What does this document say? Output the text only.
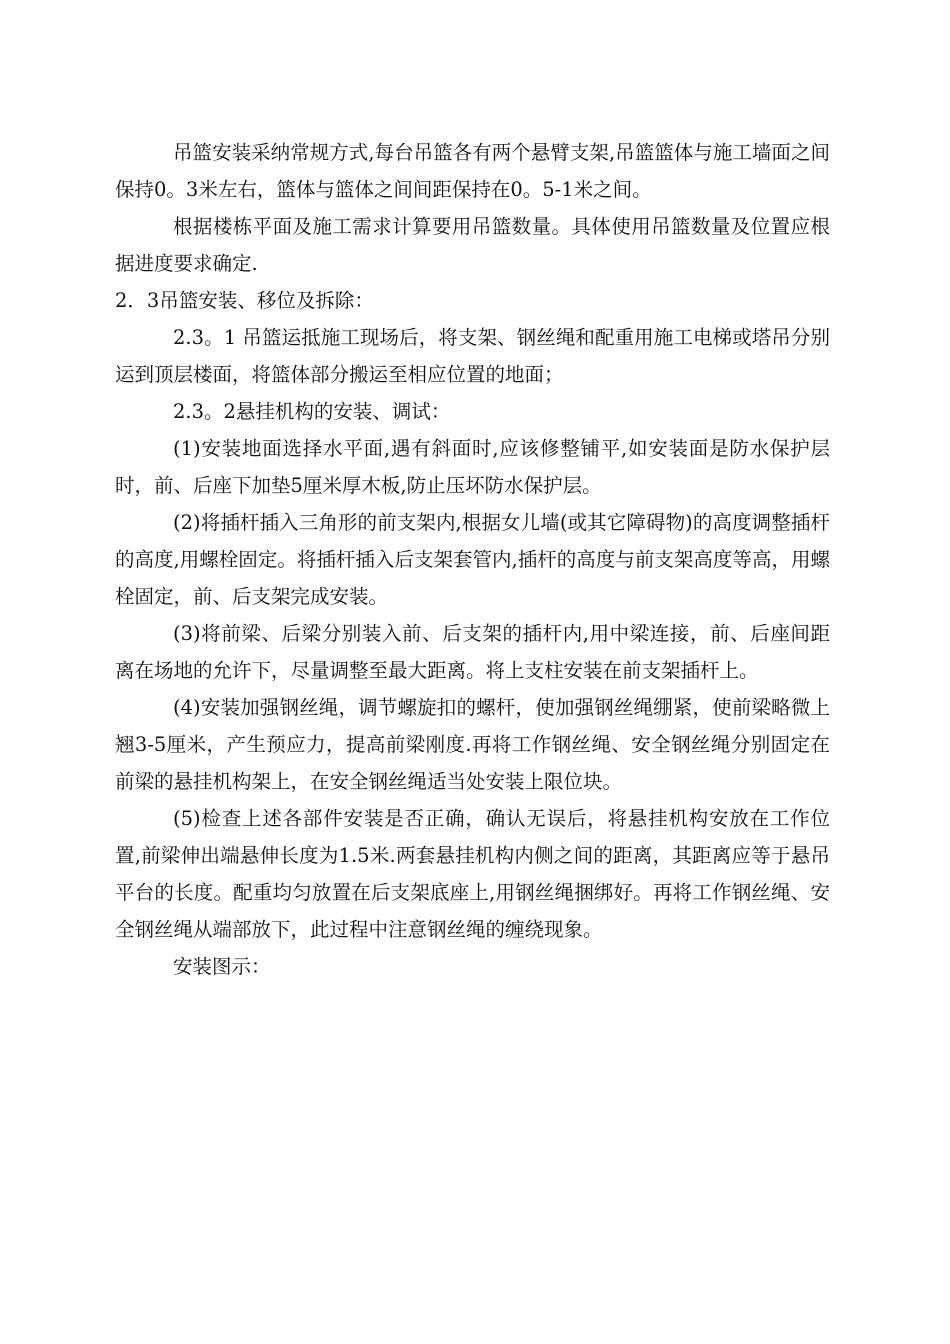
吊篮安装采纳常规方式,每台吊篮各有两个悬臂支架,吊篮篮体与施工墙面之间保持0。3米左右，篮体与篮体之间间距保持在0。5-1米之间。

根据楼栋平面及施工需求计算要用吊篮数量。具体使用吊篮数量及位置应根据进度要求确定.

2．3吊篮安装、移位及拆除：

2.3。1 吊篮运抵施工现场后，将支架、钢丝绳和配重用施工电梯或塔吊分别运到顶层楼面，将篮体部分搬运至相应位置的地面；

2.3。2悬挂机构的安装、调试：

(1)安装地面选择水平面,遇有斜面时,应该修整铺平,如安装面是防水保护层时，前、后座下加垫5厘米厚木板,防止压坏防水保护层。

(2)将插杆插入三角形的前支架内,根据女儿墙(或其它障碍物)的高度调整插杆的高度,用螺栓固定。将插杆插入后支架套管内,插杆的高度与前支架高度等高，用螺栓固定，前、后支架完成安装。

(3)将前梁、后梁分别装入前、后支架的插杆内,用中梁连接，前、后座间距离在场地的允许下，尽量调整至最大距离。将上支柱安装在前支架插杆上。

(4)安装加强钢丝绳，调节螺旋扣的螺杆，使加强钢丝绳绷紧，使前梁略微上翘3-5厘米，产生预应力，提高前梁刚度.再将工作钢丝绳、安全钢丝绳分别固定在前梁的悬挂机构架上，在安全钢丝绳适当处安装上限位块。

(5)检查上述各部件安装是否正确，确认无误后，将悬挂机构安放在工作位置,前梁伸出端悬伸长度为1.5米.两套悬挂机构内侧之间的距离，其距离应等于悬吊平台的长度。配重均匀放置在后支架底座上,用钢丝绳捆绑好。再将工作钢丝绳、安全钢丝绳从端部放下，此过程中注意钢丝绳的缠绕现象。

安装图示：
